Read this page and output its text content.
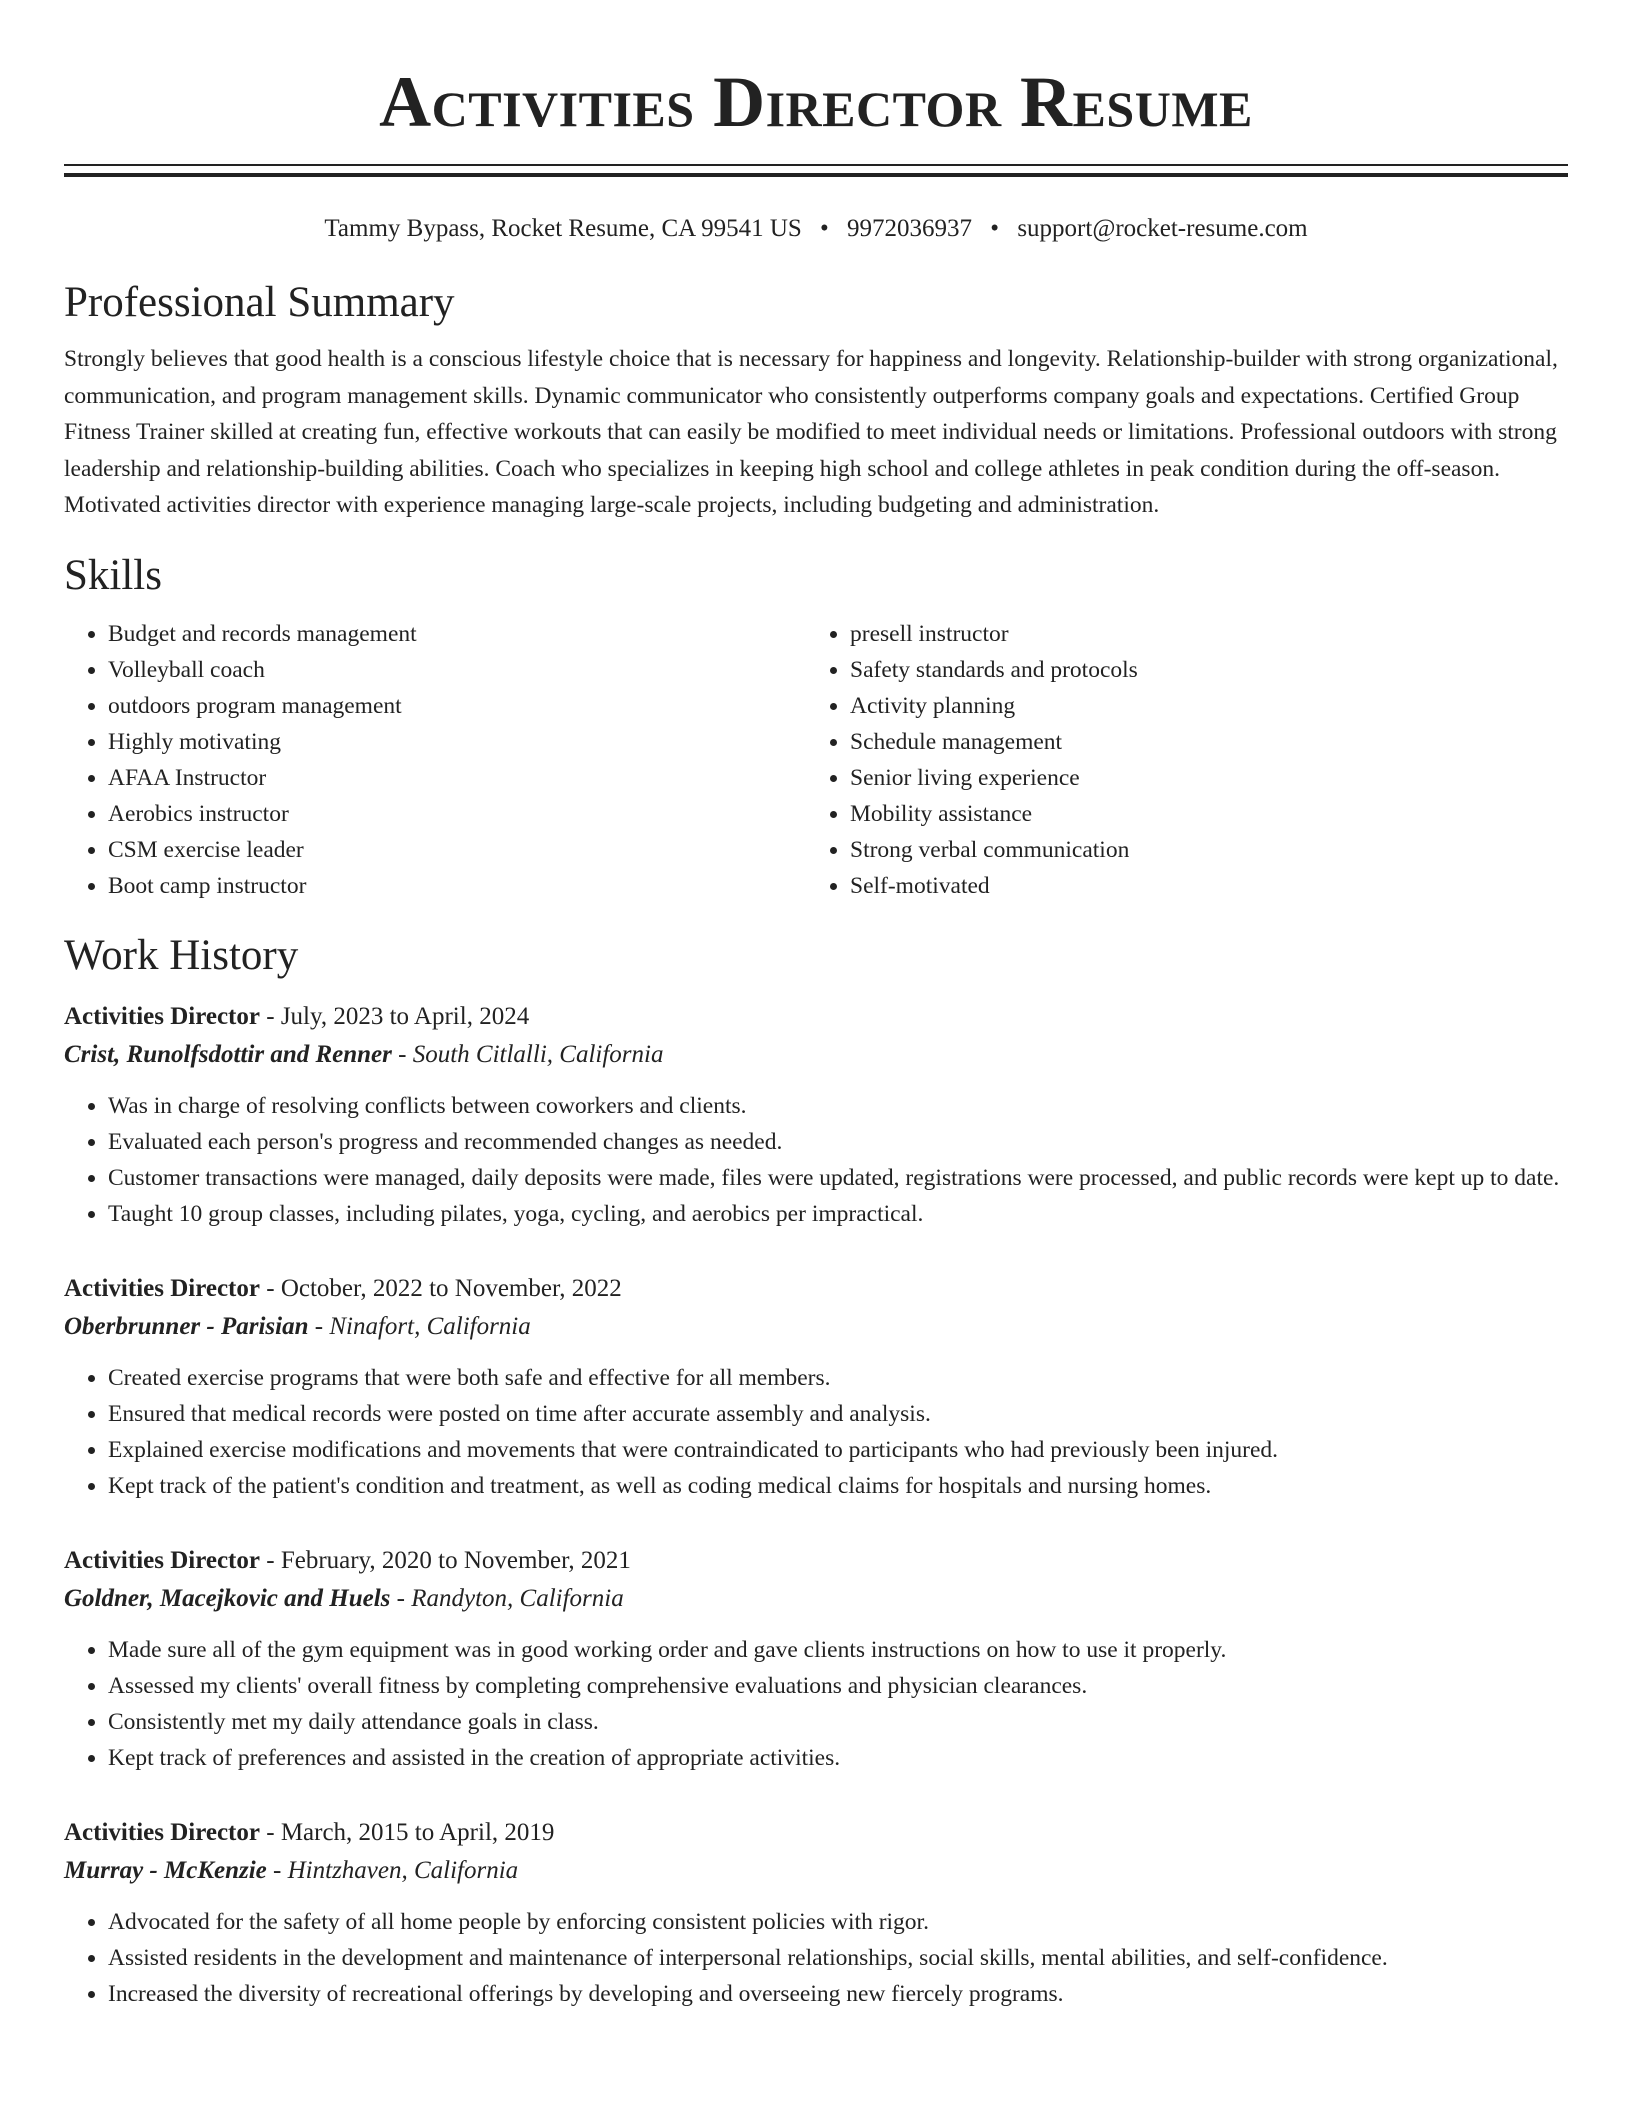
Activities Director Resume
Tammy Bypass, Rocket Resume, CA 99541 US • 9972036937 • support@rocket-resume.com
Professional Summary

Strongly believes that good health is a conscious lifestyle choice that is necessary for happiness and longevity. Relationship-builder with strong organizational, communication, and program management skills. Dynamic communicator who consistently outperforms company goals and expectations. Certified Group Fitness Trainer skilled at creating fun, effective workouts that can easily be modified to meet individual needs or limitations. Professional outdoors with strong leadership and relationship-building abilities. Coach who specializes in keeping high school and college athletes in peak condition during the off-season. Motivated activities director with experience managing large-scale projects, including budgeting and administration.

Skills
• Budget and records management
• Volleyball coach
• outdoors program management
• Highly motivating
• AFAA Instructor
• Aerobics instructor
• CSM exercise leader
• Boot camp instructor
• presell instructor
• Safety standards and protocols
• Activity planning
• Schedule management
• Senior living experience
• Mobility assistance
• Strong verbal communication
• Self-motivated
Work History
Activities Director - July, 2023 to April, 2024
Crist, Runolfsdottir and Renner - South Citlalli, California
• Was in charge of resolving conflicts between coworkers and clients.
• Evaluated each person's progress and recommended changes as needed.
• Customer transactions were managed, daily deposits were made, files were updated, registrations were processed, and public records were kept up to date.
• Taught 10 group classes, including pilates, yoga, cycling, and aerobics per impractical.
Activities Director - October, 2022 to November, 2022
Oberbrunner - Parisian - Ninafort, California
• Created exercise programs that were both safe and effective for all members.
• Ensured that medical records were posted on time after accurate assembly and analysis.
• Explained exercise modifications and movements that were contraindicated to participants who had previously been injured.
• Kept track of the patient's condition and treatment, as well as coding medical claims for hospitals and nursing homes.
Activities Director - February, 2020 to November, 2021
Goldner, Macejkovic and Huels - Randyton, California
• Made sure all of the gym equipment was in good working order and gave clients instructions on how to use it properly.
• Assessed my clients' overall fitness by completing comprehensive evaluations and physician clearances.
• Consistently met my daily attendance goals in class.
• Kept track of preferences and assisted in the creation of appropriate activities.
Activities Director - March, 2015 to April, 2019
Murray - McKenzie - Hintzhaven, California
• Advocated for the safety of all home people by enforcing consistent policies with rigor.
• Assisted residents in the development and maintenance of interpersonal relationships, social skills, mental abilities, and self-confidence.
• Increased the diversity of recreational offerings by developing and overseeing new fiercely programs.
